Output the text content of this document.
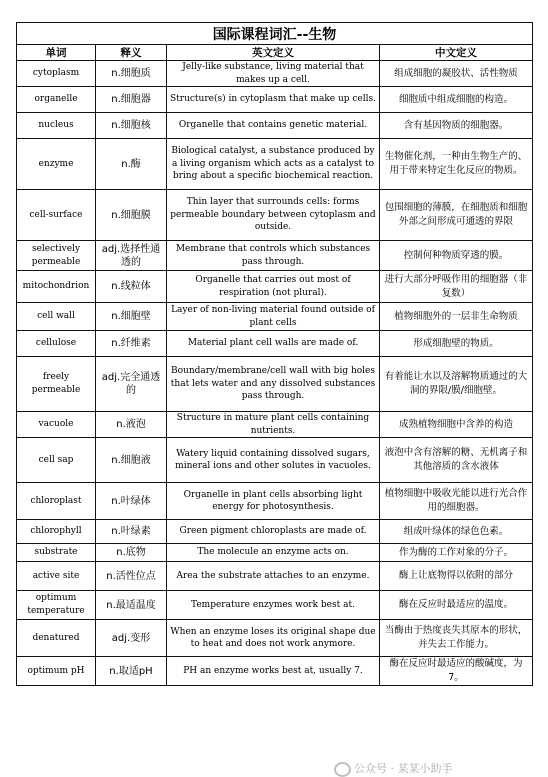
国际课程词汇--生物			
单词	释义	英文定义	中文定义
cytoplasm	n.细胞质	Jelly-like substance, living material that makes up a cell.	组成细胞的凝胶状、活性物质
organelle	n.细胞器	Structure(s) in cytoplasm that make up cells.	细胞质中组成细胞的构造。
nucleus	n.细胞核	Organelle that contains genetic material.	含有基因物质的细胞器。
enzyme	n.酶	Biological catalyst, a substance produced by a living organism which acts as a catalyst to bring about a specific biochemical reaction.	生物催化剂，一种由生物生产的、用于带来特定生化反应的物质。
cell-surface	n.细胞膜	Thin layer that surrounds cells: forms permeable boundary between cytoplasm and outside.	包围细胞的薄膜，在细胞质和细胞外部之间形成可通透的界限
selectively permeable	adj.选择性通透的	Membrane that controls which substances pass through.	控制何种物质穿透的膜。
mitochondrion	n.线粒体	Organelle that carries out most of respiration (not plural).	进行大部分呼吸作用的细胞器（非复数）
cell wall	n.细胞壁	Layer of non-living material found outside of plant cells	植物细胞外的一层非生命物质
cellulose	n.纤维素	Material plant cell walls are made of.	形成细胞壁的物质。
freely permeable	adj.完全通透的	Boundary/membrane/cell wall with big holes that lets water and any dissolved substances pass through.	有着能让水以及溶解物质通过的大洞的界限/膜/细胞壁。
vacuole	n.液泡	Structure in mature plant cells containing nutrients.	成熟植物细胞中含养的构造
cell sap	n.细胞液	Watery liquid containing dissolved sugars, mineral ions and other solutes in vacuoles.	液泡中含有溶解的糖、无机离子和其他溶质的含水液体
chloroplast	n.叶绿体	Organelle in plant cells absorbing light energy for photosynthesis.	植物细胞中吸收光能以进行光合作用的细胞器。
chlorophyll	n.叶绿素	Green pigment chloroplasts are made of.	组成叶绿体的绿色色素。
substrate	n.底物	The molecule an enzyme acts on.	作为酶的工作对象的分子。
active site	n.活性位点	Area the substrate attaches to an enzyme.	酶上让底物得以依附的部分
optimum temperature	n.最适温度	Temperature enzymes work best at.	酶在反应时最适应的温度。
denatured	adj.变形	When an enzyme loses its original shape due to heat and does not work anymore.	当酶由于热度丧失其原本的形状，并失去工作能力。
optimum pH	n.取适pH	PH an enzyme works best at, usually 7.	酶在反应时最适应的酸碱度，为7。
公众号 · 某某小助手
